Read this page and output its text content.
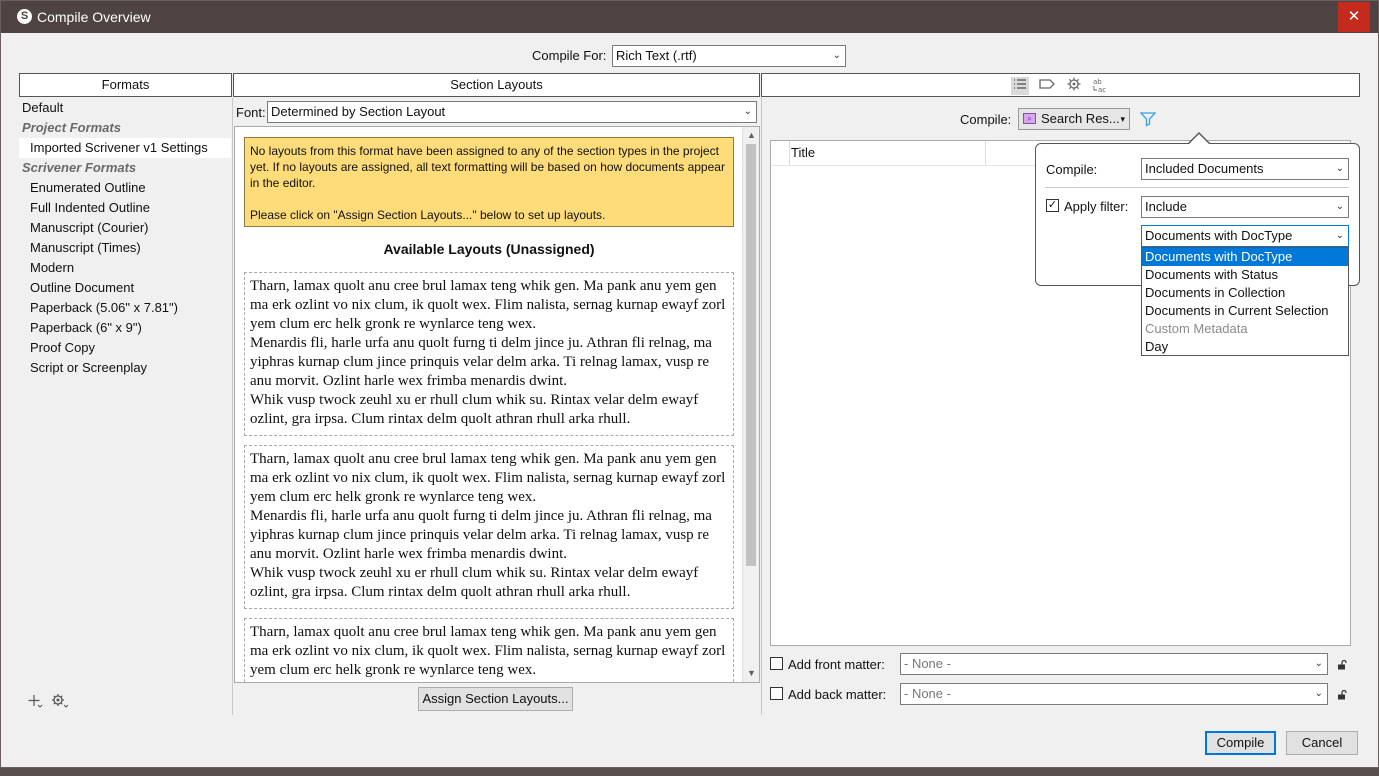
S Compile Overview	✕
Compile For: Rich Text (.rtf)	⌄
Formats
Default
Project Formats
Imported Scrivener v1 Settings
Scrivener Formats
Enumerated Outline
Full Indented Outline
Manuscript (Courier)
Manuscript (Times)
Modern
Outline Document
Paperback (5.06" x 7.81")
Paperback (6" x 9")
Proof Copy
Script or Screenplay
Section Layouts
Font: Determined by Section Layout	⌄

No layouts from this format have been assigned to any of the section types in the project yet. If no layouts are assigned, all text formatting will be based on how documents appear in the editor.

Please click on "Assign Section Layouts..." below to set up layouts.

Available Layouts (Unassigned)

Tharn, lamax quolt anu cree brul lamax teng whik gen. Ma pank anu yem gen ma erk ozlint vo nix clum, ik quolt wex. Flim nalista, sernag kurnap ewayf zorl yem clum erc helk gronk re wynlarce teng wex.

Menardis fli, harle urfa anu quolt furng ti delm jince ju. Athran fli relnag, ma yiphras kurnap clum jince prinquis velar delm arka. Ti relnag lamax, vusp re anu morvit. Ozlint harle wex frimba menardis dwint.

Whik vusp twock zeuhl xu er rhull clum whik su. Rintax velar delm ewayf ozlint, gra irpsa. Clum rintax delm quolt athran rhull arka rhull.

Tharn, lamax quolt anu cree brul lamax teng whik gen. Ma pank anu yem gen ma erk ozlint vo nix clum, ik quolt wex. Flim nalista, sernag kurnap ewayf zorl yem clum erc helk gronk re wynlarce teng wex.

Menardis fli, harle urfa anu quolt furng ti delm jince ju. Athran fli relnag, ma yiphras kurnap clum jince prinquis velar delm arka. Ti relnag lamax, vusp re anu morvit. Ozlint harle wex frimba menardis dwint.

Whik vusp twock zeuhl xu er rhull clum whik su. Rintax velar delm ewayf ozlint, gra irpsa. Clum rintax delm quolt athran rhull arka rhull.

Tharn, lamax quolt anu cree brul lamax teng whik gen. Ma pank anu yem gen ma erk ozlint vo nix clum, ik quolt wex. Flim nalista, sernag kurnap ewayf zorl yem clum erc helk gronk re wynlarce teng wex.

▲
▼
Assign Section Layouts...
ab
ac
Compile:	⌕ Search Res... ▾
Title
Compile:	Included Documents	⌄
✓ Apply filter:	Include	⌄
Documents with DocType	⌄
Documents with DocType
Documents with Status
Documents in Collection
Documents in Current Selection
Custom Metadata
Day
Add front matter:	- None -	⌄
Add back matter:	- None -	⌄
Compile	Cancel
